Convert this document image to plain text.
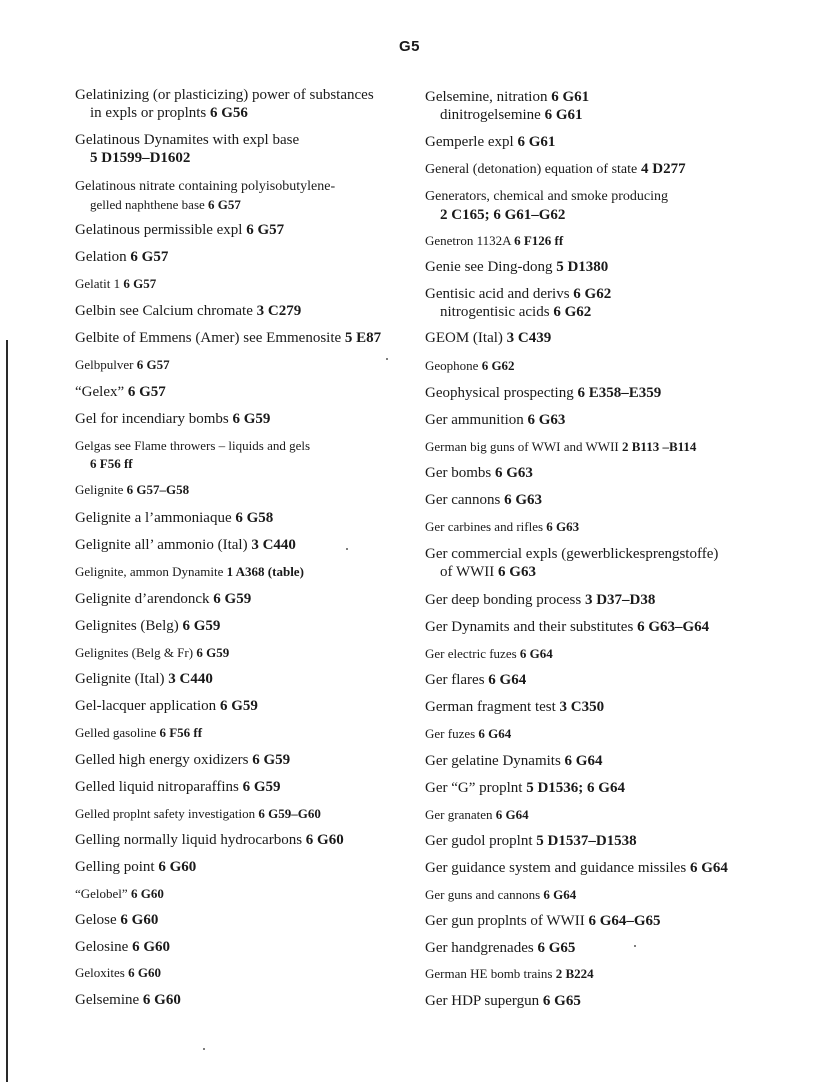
G5
Gelatinizing (or plasticizing) power of substances
in expls or proplnts 6 G56
Gelatinous Dynamites with expl base
5 D1599–D1602
Gelatinous nitrate containing polyisobutylene-
gelled naphthene base 6 G57
Gelatinous permissible expl 6 G57
Gelation 6 G57
Gelatit 1 6 G57
Gelbin see Calcium chromate 3 C279
Gelbite of Emmens (Amer) see Emmenosite 5 E87
Gelbpulver 6 G57
“Gelex” 6 G57
Gel for incendiary bombs 6 G59
Gelgas see Flame throwers – liquids and gels
6 F56 ff
Gelignite 6 G57–G58
Gelignite a l’ammoniaque 6 G58
Gelignite all’ ammonio (Ital) 3 C440
Gelignite, ammon Dynamite 1 A368 (table)
Gelignite d’arendonck 6 G59
Gelignites (Belg) 6 G59
Gelignites (Belg & Fr) 6 G59
Gelignite (Ital) 3 C440
Gel-lacquer application 6 G59
Gelled gasoline 6 F56 ff
Gelled high energy oxidizers 6 G59
Gelled liquid nitroparaffins 6 G59
Gelled proplnt safety investigation 6 G59–G60
Gelling normally liquid hydrocarbons 6 G60
Gelling point 6 G60
“Gelobel” 6 G60
Gelose 6 G60
Gelosine 6 G60
Geloxites 6 G60
Gelsemine 6 G60
Gelsemine, nitration 6 G61
dinitrogelsemine 6 G61
Gemperle expl 6 G61
General (detonation) equation of state 4 D277
Generators, chemical and smoke producing
2 C165; 6 G61–G62
Genetron 1132A 6 F126 ff
Genie see Ding-dong 5 D1380
Gentisic acid and derivs 6 G62
nitrogentisic acids 6 G62
GEOM (Ital) 3 C439
Geophone 6 G62
Geophysical prospecting 6 E358–E359
Ger ammunition 6 G63
German big guns of WWI and WWII 2 B113 –B114
Ger bombs 6 G63
Ger cannons 6 G63
Ger carbines and rifles 6 G63
Ger commercial expls (gewerblickesprengstoffe)
of WWII 6 G63
Ger deep bonding process 3 D37–D38
Ger Dynamits and their substitutes 6 G63–G64
Ger electric fuzes 6 G64
Ger flares 6 G64
German fragment test 3 C350
Ger fuzes 6 G64
Ger gelatine Dynamits 6 G64
Ger “G” proplnt 5 D1536; 6 G64
Ger granaten 6 G64
Ger gudol proplnt 5 D1537–D1538
Ger guidance system and guidance missiles 6 G64
Ger guns and cannons 6 G64
Ger gun proplnts of WWII 6 G64–G65
Ger handgrenades 6 G65
German HE bomb trains 2 B224
Ger HDP supergun 6 G65
